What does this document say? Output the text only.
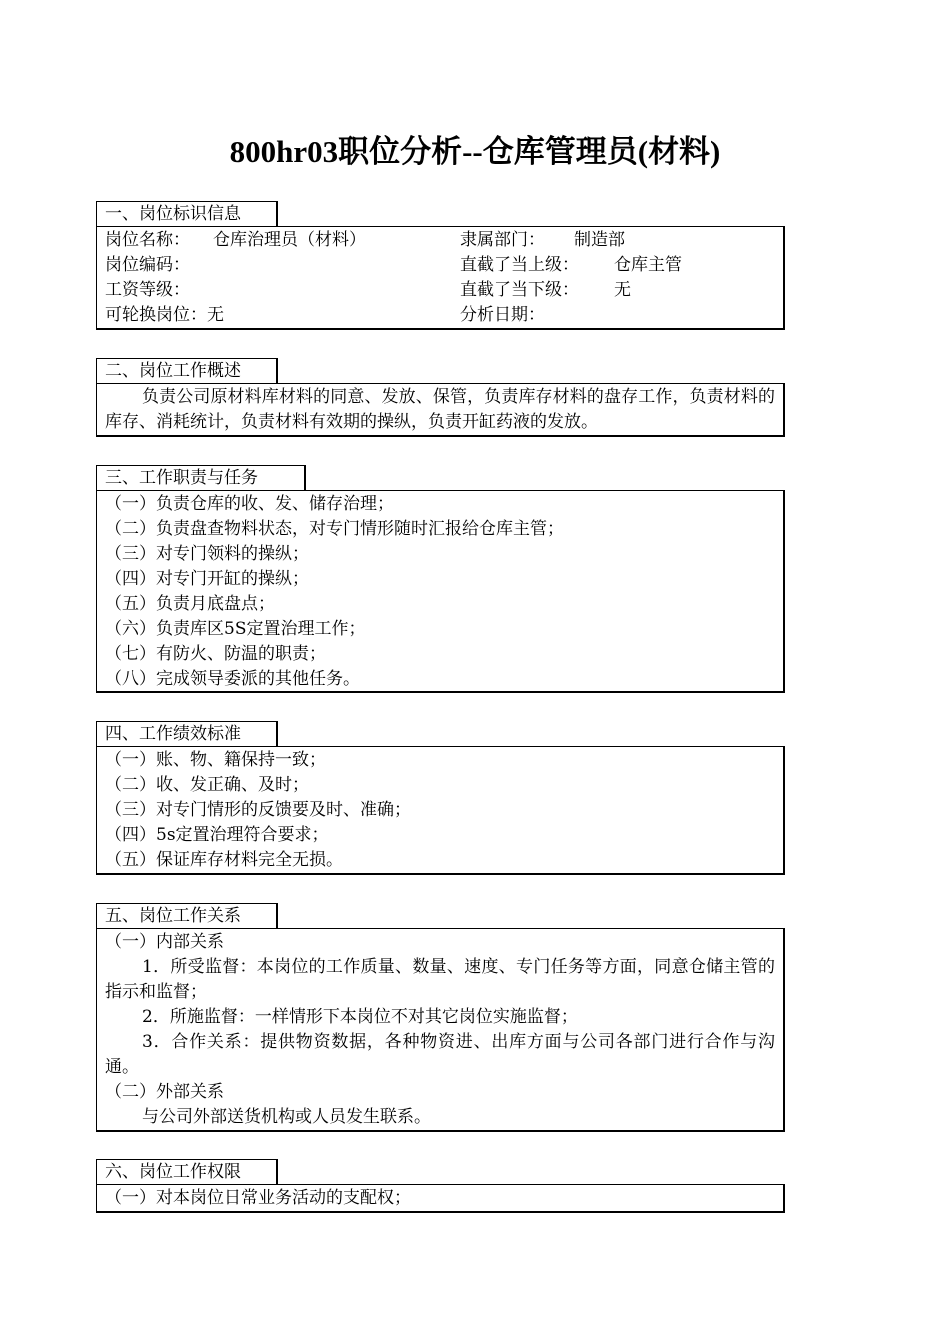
800hr03职位分析--仓库管理员(材料)
一、岗位标识信息
岗位名称： 仓库治理员（材料）	隶属部门： 制造部
岗位编码：	直截了当上级： 仓库主管
工资等级：	直截了当下级： 无
可轮换岗位：无	分析日期：
二、岗位工作概述
负责公司原材料库材料的同意、发放、保管，负责库存材料的盘存工作，负责材料的库存、消耗统计，负责材料有效期的操纵，负责开缸药液的发放。
三、工作职责与任务
（一）负责仓库的收、发、储存治理；
（二）负责盘查物料状态，对专门情形随时汇报给仓库主管；
（三）对专门领料的操纵；
（四）对专门开缸的操纵；
（五）负责月底盘点；
（六）负责库区5S定置治理工作；
（七）有防火、防温的职责；
（八）完成领导委派的其他任务。
四、工作绩效标准
（一）账、物、籍保持一致；
（二）收、发正确、及时；
（三）对专门情形的反馈要及时、准确；
（四）5s定置治理符合要求；
（五）保证库存材料完全无损。
五、岗位工作关系
（一）内部关系
1．所受监督：本岗位的工作质量、数量、速度、专门任务等方面，同意仓储主管的指示和监督；
2．所施监督：一样情形下本岗位不对其它岗位实施监督；
3．合作关系：提供物资数据，各种物资进、出库方面与公司各部门进行合作与沟通。
（二）外部关系
与公司外部送货机构或人员发生联系。
六、岗位工作权限
（一）对本岗位日常业务活动的支配权；
